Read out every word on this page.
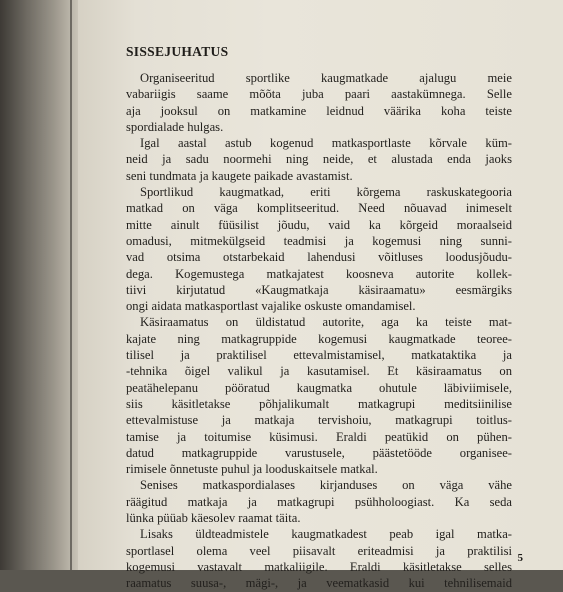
SISSEJUHATUS
Organiseeritud sportlike kaugmatkade ajalugu meie
vabariigis saame mõõta juba paari aastakümnega. Selle
aja jooksul on matkamine leidnud väärika koha teiste
spordialade hulgas.
Igal aastal astub kogenud matkasportlaste kõrvale küm-
neid ja sadu noormehi ning neide, et alustada enda jaoks
seni tundmata ja kaugete paikade avastamist.
Sportlikud kaugmatkad, eriti kõrgema raskuskategooria
matkad on väga komplitseeritud. Need nõuavad inimeselt
mitte ainult füüsilist jõudu, vaid ka kõrgeid moraalseid
omadusi, mitmekülgseid teadmisi ja kogemusi ning sunni-
vad otsima otstarbekaid lahendusi võitluses loodusjõudu-
dega. Kogemustega matkajatest koosneva autorite kollek-
tiivi kirjutatud «Kaugmatkaja käsiraamatu» eesmärgiks
ongi aidata matkasportlast vajalike oskuste omandamisel.
Käsiraamatus on üldistatud autorite, aga ka teiste mat-
kajate ning matkagruppide kogemusi kaugmatkade teoree-
tilisel ja praktilisel ettevalmistamisel, matkataktika ja
-tehnika õigel valikul ja kasutamisel. Et käsiraamatus on
peatähelepanu pööratud kaugmatka ohutule läbiviimisele,
siis käsitletakse põhjalikumalt matkagrupi meditsiinilise
ettevalmistuse ja matkaja tervishoiu, matkagrupi toitlus-
tamise ja toitumise küsimusi. Eraldi peatükid on pühen-
datud matkagruppide varustusele, päästetööde organisee-
rimisele õnnetuste puhul ja looduskaitsele matkal.
Senises matkaspordialases kirjanduses on väga vähe
räägitud matkaja ja matkagrupi psühholoogiast. Ka seda
lünka püüab käesolev raamat täita.
Lisaks üldteadmistele kaugmatkadest peab igal matka-
sportlasel olema veel piisavalt eriteadmisi ja praktilisi
kogemusi vastavalt matkaliigile. Eraldi käsitletakse selles
raamatus suusa-, mägi-, ja veematkasid kui tehnilisemaid
5
